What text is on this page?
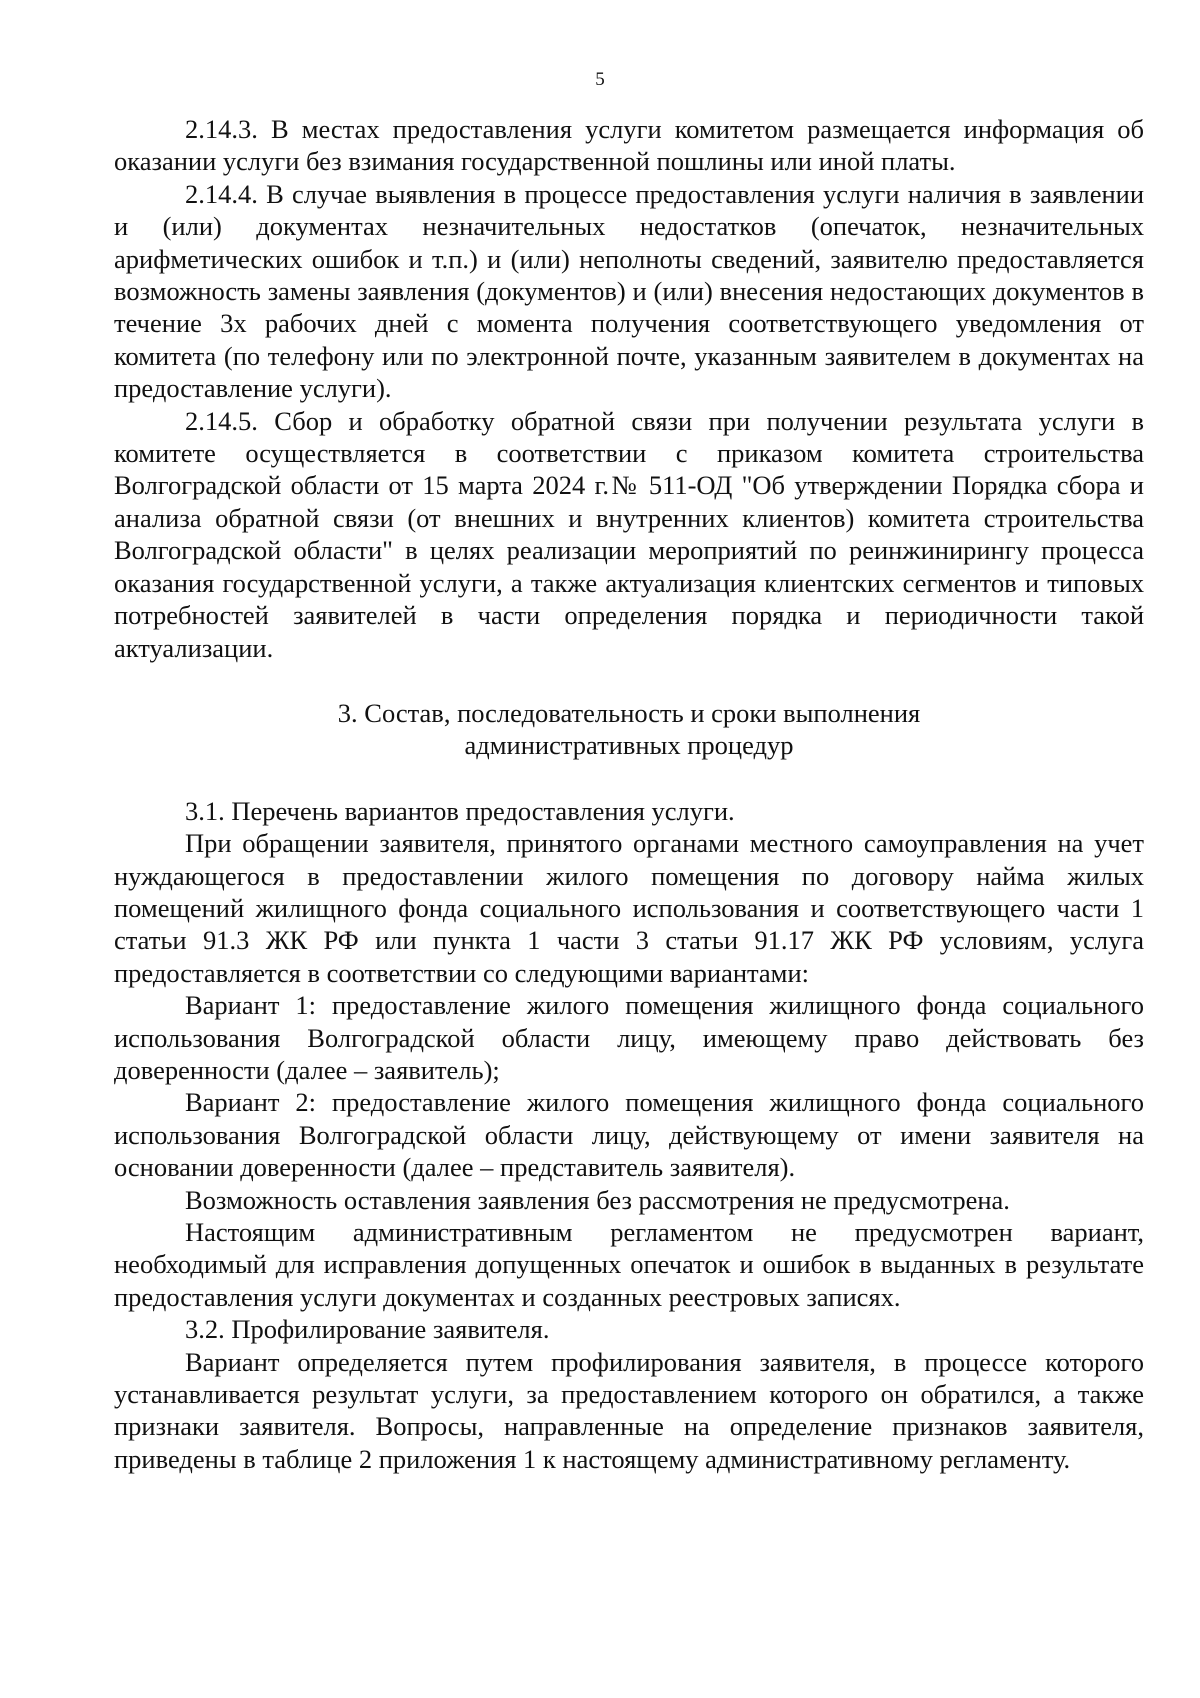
5

2.14.3. В местах предоставления услуги комитетом размещается информация об оказании услуги без взимания государственной пошлины или иной платы.

2.14.4. В случае выявления в процессе предоставления услуги наличия в заявлении и (или) документах незначительных недостатков (опечаток, незначительных арифметических ошибок и т.п.) и (или) неполноты сведений, заявителю предоставляется возможность замены заявления (документов) и (или) внесения недостающих документов в течение 3х рабочих дней с момента получения соответствующего уведомления от комитета (по телефону или по электронной почте, указанным заявителем в документах на предоставление услуги).

2.14.5. Сбор и обработку обратной связи при получении результата услуги в комитете осуществляется в соответствии с приказом комитета строительства Волгоградской области от 15 марта 2024 г.№ 511-ОД "Об утверждении Порядка сбора и анализа обратной связи (от внешних и внутренних клиентов) комитета строительства Волгоградской области" в целях реализации мероприятий по реинжинирингу процесса оказания государственной услуги, а также актуализация клиентских сегментов и типовых потребностей заявителей в части определения порядка и периодичности такой актуализации.

3. Состав, последовательность и сроки выполнения

административных процедур

3.1. Перечень вариантов предоставления услуги.

При обращении заявителя, принятого органами местного самоуправления на учет нуждающегося в предоставлении жилого помещения по договору найма жилых помещений жилищного фонда социального использования и соответствующего части 1 статьи 91.3 ЖК РФ или пункта 1 части 3 статьи 91.17 ЖК РФ условиям, услуга предоставляется в соответствии со следующими вариантами:

Вариант 1: предоставление жилого помещения жилищного фонда социального использования Волгоградской области лицу, имеющему право действовать без доверенности (далее – заявитель);

Вариант 2: предоставление жилого помещения жилищного фонда социального использования Волгоградской области лицу, действующему от имени заявителя на основании доверенности (далее – представитель заявителя).

Возможность оставления заявления без рассмотрения не предусмотрена.

Настоящим административным регламентом не предусмотрен вариант, необходимый для исправления допущенных опечаток и ошибок в выданных в результате предоставления услуги документах и созданных реестровых записях.

3.2. Профилирование заявителя.

Вариант определяется путем профилирования заявителя, в процессе которого устанавливается результат услуги, за предоставлением которого он обратился, а также признаки заявителя. Вопросы, направленные на определение признаков заявителя, приведены в таблице 2 приложения 1 к настоящему административному регламенту.
